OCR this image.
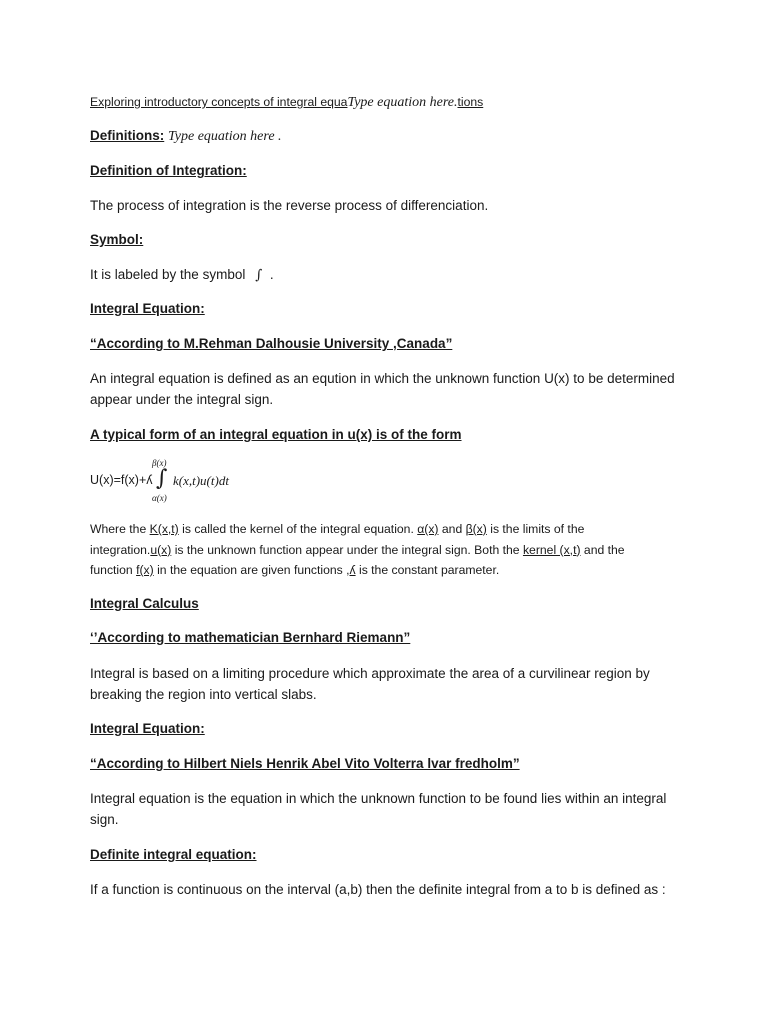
Exploring introductory concepts of integral equaType equation here.tions
Definitions: Type equation here .
Definition of Integration:
The process of integration is the reverse process of differenciation.
Symbol:
It is labeled by the symbol ∫ .
Integral Equation:
“According to M.Rehman Dalhousie University ,Canada”
An integral equation is defined as an eqution in which the unknown function U(x) to be determined appear under the integral sign.
A typical form of an integral equation in u(x) is of the form
U(x)=f(x)+ʎ
β(x)
∫
α(x)
k(x,t)u(t)dt
Where the K(x,t) is called the kernel of the integral equation. α(x) and β(x) is the limits of the
integration.u(x) is the unknown function appear under the integral sign. Both the kernel (x,t) and the
function f(x) in the equation are given functions ,ʎ is the constant parameter.
Integral Calculus
‘’According to mathematician Bernhard Riemann”
Integral is based on a limiting procedure which approximate the area of a curvilinear region by breaking the region into vertical slabs.
Integral Equation:
“According to Hilbert Niels Henrik Abel Vito Volterra lvar fredholm”
Integral equation is the equation in which the unknown function to be found lies within an integral sign.
Definite integral equation:
If a function is continuous on the interval (a,b) then the definite integral from a to b is defined as :
